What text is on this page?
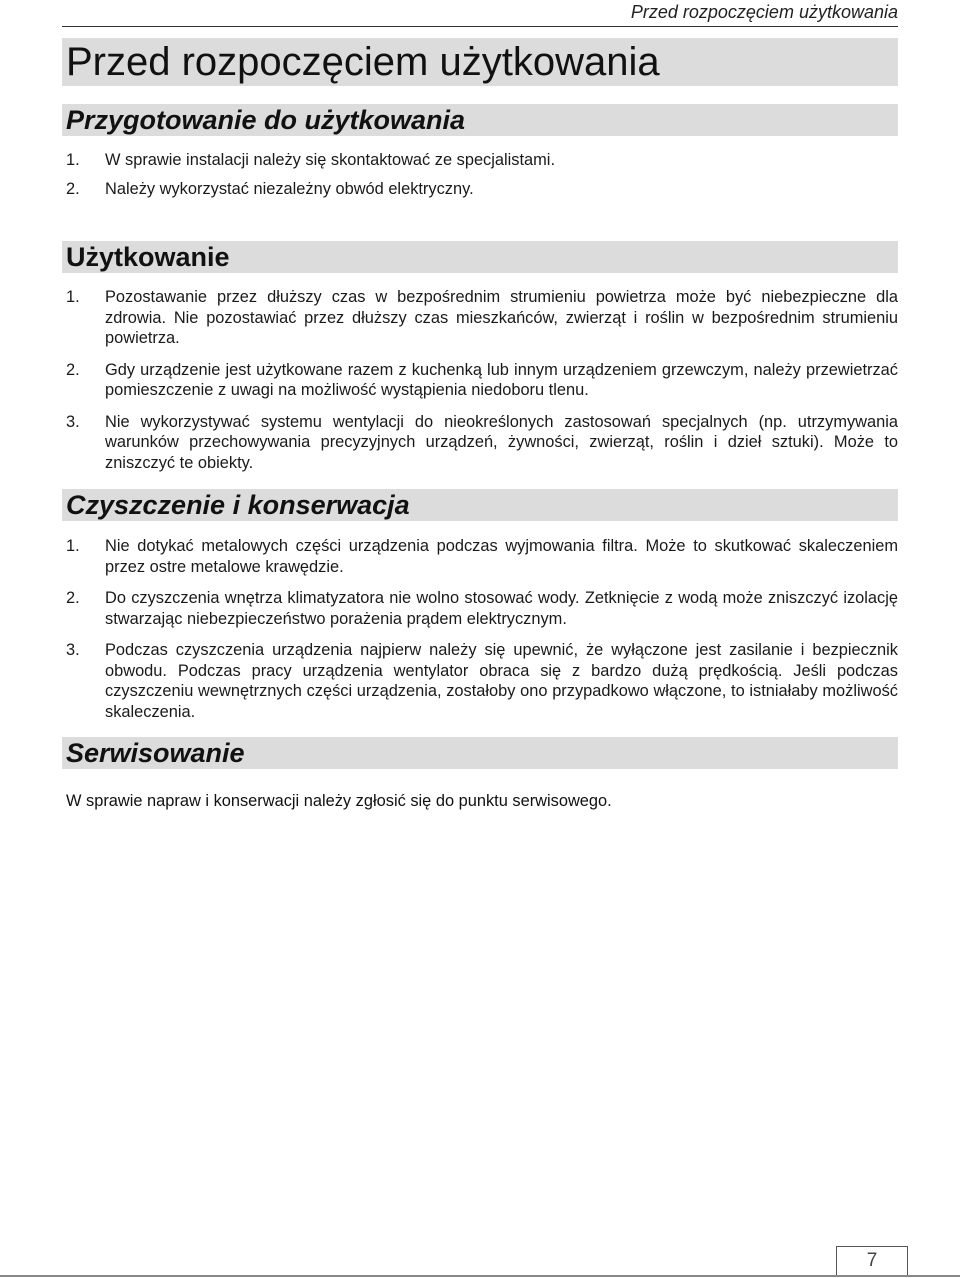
Przed rozpoczęciem użytkowania
Przed rozpoczęciem użytkowania
Przygotowanie do użytkowania
1.	W sprawie instalacji należy się skontaktować ze specjalistami.
2.	Należy wykorzystać niezależny obwód elektryczny.
Użytkowanie
1.	Pozostawanie przez dłuższy czas w bezpośrednim strumieniu powietrza może być niebezpieczne dla zdrowia. Nie pozostawiać przez dłuższy czas mieszkańców, zwierząt i roślin w bezpośrednim strumieniu powietrza.
2.	Gdy urządzenie jest użytkowane razem z kuchenką lub innym urządzeniem grzewczym, należy przewietrzać pomieszczenie z uwagi na możliwość wystąpienia niedoboru tlenu.
3.	Nie wykorzystywać systemu wentylacji do nieokreślonych zastosowań specjalnych (np. utrzymywania warunków przechowywania precyzyjnych urządzeń, żywności, zwierząt, roślin i dzieł sztuki). Może to zniszczyć te obiekty.
Czyszczenie i konserwacja
1.	Nie dotykać metalowych części urządzenia podczas wyjmowania filtra. Może to skutkować skaleczeniem przez ostre metalowe krawędzie.
2.	Do czyszczenia wnętrza klimatyzatora nie wolno stosować wody. Zetknięcie z wodą może zniszczyć izolację stwarzając niebezpieczeństwo porażenia prądem elektrycznym.
3.	Podczas czyszczenia urządzenia najpierw należy się upewnić, że wyłączone jest zasilanie i bezpiecznik obwodu. Podczas pracy urządzenia wentylator obraca się z bardzo dużą prędkością. Jeśli podczas czyszczeniu wewnętrznych części urządzenia, zostałoby ono przypadkowo włączone, to istniałaby możliwość skaleczenia.
Serwisowanie
W sprawie napraw i konserwacji należy zgłosić się do punktu serwisowego.
7
